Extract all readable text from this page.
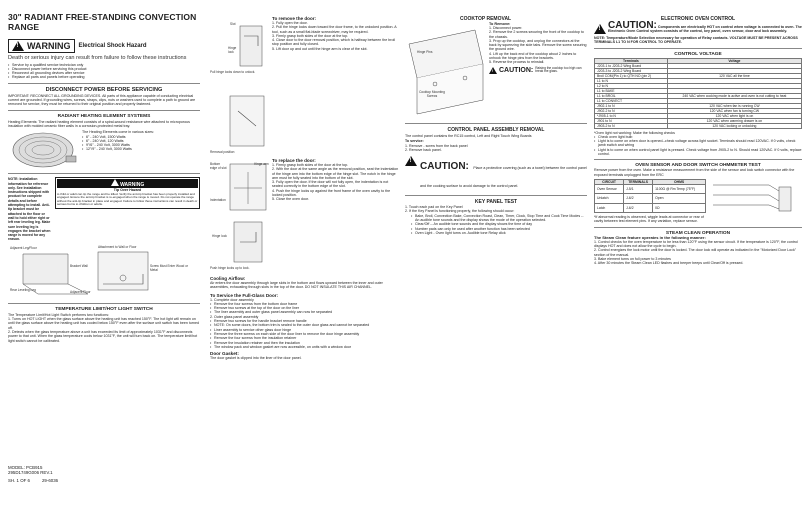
30" RADIANT FREE-STANDING CONVECTION RANGE
! WARNING Electrical Shock Hazard
Death or serious injury can result from failure to follow these instructions
• Service by a qualified service technician only
• Disconnect power before servicing this product
• Reconnect all grounding devices after service
• Replace all parts and panels before operating
DISCONNECT POWER BEFORE SERVICING
IMPORTANT: RECONNECT ALL GROUNDING DEVICES. All parts of this appliance capable of conducting electrical current are grounded. If grounding wires, screws, straps, clips, nuts or washers used to complete a path to ground are removed for service, they must be returned to their original position and properly fastened.
RADIANT HEATING ELEMENT SYSTEMS
Heating Elements: The radiant heating element consists of a spiral-wound resistance wire attached to microporous insulation with molded ceramic fiber walls in a corrosion-protected metal tray.
The Heating Elements come in various sizes:
• 6" - 240 Volt, 1500 Watts
• 6" - 240 Volt, 120 Watts
• 9"/6" - 240 Volt, 3000 Watts
• 12"/9" - 240 Volt, 3000 Watts
NOTE: Installation information for reference only. See Installation Instructions shipped with product for complete details and before attempting to install. Anti-tip bracket must be attached to the floor or wall to hold either right or left rear leveling leg. Make sure leveling leg is engages the bracket when range is moved for any reason.
WARNING
Tip Over Hazard
A child or adult can tip the range and be killed. Verify the anti-tip bracket has been properly installed and engaged. Ensure the anti-tip bracket is re-engaged when the range is moved. Do not operate the range without the anti-tip bracket in place and engaged. Failure to follow these instructions can result in death or serious burns to children or adults.
Adjacent Leg/Floor	Attachment to Wall or Floor
Bracket Wall	Screw Must Enter Wood or Metal
Adjacent Floor
Rear Leveling Leg
TEMPERATURE LIMIT/HOT LIGHT SWITCH
The Temperature Limit/Hot Light Switch performs two functions:
1. Turns on HOT LIGHT when the glass surface above the heating unit has reached 150°F. The hot light will remain on until the glass surface above the heating unit has cooled below 150°F even after the surface unit switch has been turned off.
2. Detects when the glass temperature above a unit has exceeded its limit of approximately 1031°F and disconnects power to that unit. When the glass temperature cools below 1031°F, the unit will turn back on. The temperature limit/hot light switch cannot be calibrated.
MODEL: PCB915
295D1749G006 REV.1
SH. 1 OF 6	29-6036
Slot
Hinge lock
Pull hinge locks down to unlock.
Removal position
To remove the door:
1. Fully open the door.
2. Pull the hinge locks down toward the door frame, to the unlocked position. A tool, such as a small flat-blade screwdriver, may be required.
3. Firmly grasp both sides of the door at the top.
4. Close door to the door removal position, which is halfway between the broil stop position and fully closed.
5. Lift door up and out until the hinge arm is clear of the slot.
Bottom edge of slot
Hinge arm
Indentation
Hinge lock
Push hinge locks up to lock.
To replace the door:
1. Firmly grasp both sides of the door at the top.
2. With the door at the same angle as the removal position, seat the indentation of the hinge arm into the bottom edge of the hinge slot. The notch in the hinge arm must be fully seated into the bottom of the slot.
3. Fully open the door. If the door will not fully open, the indentation is not seated correctly in the bottom edge of the slot.
4. Push the hinge locks up against the front frame of the oven cavity to the locked position.
5. Close the oven door.
Cooling Airflow:
Air enters the door assembly through large slots in the bottom and flows upward between the inner and outer assemblies, exhausting through slots in the top of the door. DO NOT INSULATE THIS AIR CHANNEL.
To Service the Full-Glass Door:
1. Complete door assembly
• Remove the four screws from the bottom door frame
• Remove two screws at the top of the door on the liner
• The liner assembly and outer glass panel assembly can now be separated
2. Outer glass panel assembly
• Remove two screws for the handle bracket remove handle
• NOTE: On some doors, the bottom trim is sealed to the outer door glass and cannot be separated
• Liner assembly to service other glass door hinge
• Remove the three screws on each side of the door liner to remove the door hinge assembly
• Remove the four screws from the insulation retainer
• Remove the insulation retainer and then the insulation
• The window pack and window gasket are now accessible, on units with a window door
Door Gasket:
The door gasket is clipped into the liner of the door panel.
COOKTOP REMOVAL
Hinge Pins
Cooktop Mounting Screws
To Remove:
1. Disconnect power.
2. Remove the 2 screws securing the front of the cooktop to the chassis.
3. Prop up the cooktop, and unplug the connectors at the back by squeezing the side tabs. Remove the screw securing the ground wire.
4. Lift up the back end of the cooktop about 2 inches to unhook the hinge pins from the brackets.
5. Reverse the process to reinstall.
! CAUTION: Raising the cooktop too high can break the glass.
CONTROL PANEL ASSEMBLY REMOVAL
The control panel contains the RC15 control, Left and Right Touch Wing Boards
To service:
1. Remove - screw from the back panel
2. Remove back panel.
! CAUTION: Place a protective covering (such as a towel) between the control panel and the cooking surface to avoid damage to the control panel.
KEY PANEL TEST
1. Touch each pad on the Key Panel
2. If the Key Panel is functioning properly, the following should occur:
• Bake, Broil, Convection Bake, Convection Roast, Clean, Timer, Clock, Stop Time and Cook Time Modes -- An audible tone sounds and the display shows the mode of the operation selected.
• Clear/Off -- An audible tone sounds and the display shows the time of day
• Number pads can only be used after another function has been selected
• Oven Light - Oven light turns on. Audible tone Relay click
ELECTRONIC OVEN CONTROL
! CAUTION: Components are electrically HOT on control when voltage is connected to oven. The Electronic Oven Control system consists of the control, key panel, oven sensor, door and lock assembly.
NOTE: Temperature/Mode Selection necessary for operation of Relay contacts. VOLTAGE MUST BE PRESENT ACROSS TERMINALS L1 TO N FOR CONTROL TO OPERATE.
CONTROL VOLTAGE
Terminals	Voltage
J203-1 to J203-2 Wing Board	
J203-3 to J203-2 Wing Board	
Broil COM(Pin 1) to QTH NO (pin 2)	120 VAC all the time
L1 to N	
L2 to N	
L1 to BAKE	
L1 to BROIL	240 VAC when cooking mode is active and oven is not cutting to heat
L1 to CONVECT	
J902-1 to N	120 VAC when fan is running CW
J902-2 to N	120 VAC when fan is turning CW
*J905-1 to N	120 VAC when light is on
J901 to N	120 VAC when warming drawer is on
J903-2 to N	120 VAC locking or unlocking
*Oven light not working: Make the following checks
• Check oven light bulb
• Light is to come on when door is opened--check voltage across light socket. Terminals should read 120VAC. If 0 volts, check jamb switch and wiring
• Light is to come on when control panel light is pressed. Check voltage from J905-2 to N. Should read 120VAC. If 0 volts, replace control.
OVEN SENSOR AND DOOR SWITCH OHMMETER TEST
Remove power from the oven. Make a resistance measurement from the side of the sensor and lock switch connector with the exposed terminals unplugged from the ERC
CIRCUIT	TERMINALS	OHMS
Oven Sensor	J-5/1	1100Ω @ Rm Temp (75°F)
Unlatch	J-6/2	Open
Latch	J-6/2	0Ω
*If abnormal reading is observed, wiggle leads at connector or rear of cavity between test element pins. If any variation, replace sensor.
STEAM CLEAN OPERATION
The Steam Clean feature operates in the following manner:
1. Control checks for the oven temperature to be less than 120°F using the sensor circuit. If the temperature is 120°F, the control displays HOT and does not allow the cycle to begin.
2. Control energizes the lock motor until the door is locked. The door lock will operate as indicated in the "Motorized Door Lock" section of the manual.
3. Bake element turns on full power to 3 minutes
4. After 30 minutes the Steam Clean LED flashes and beeper beeps until Clear/Off is pressed.
